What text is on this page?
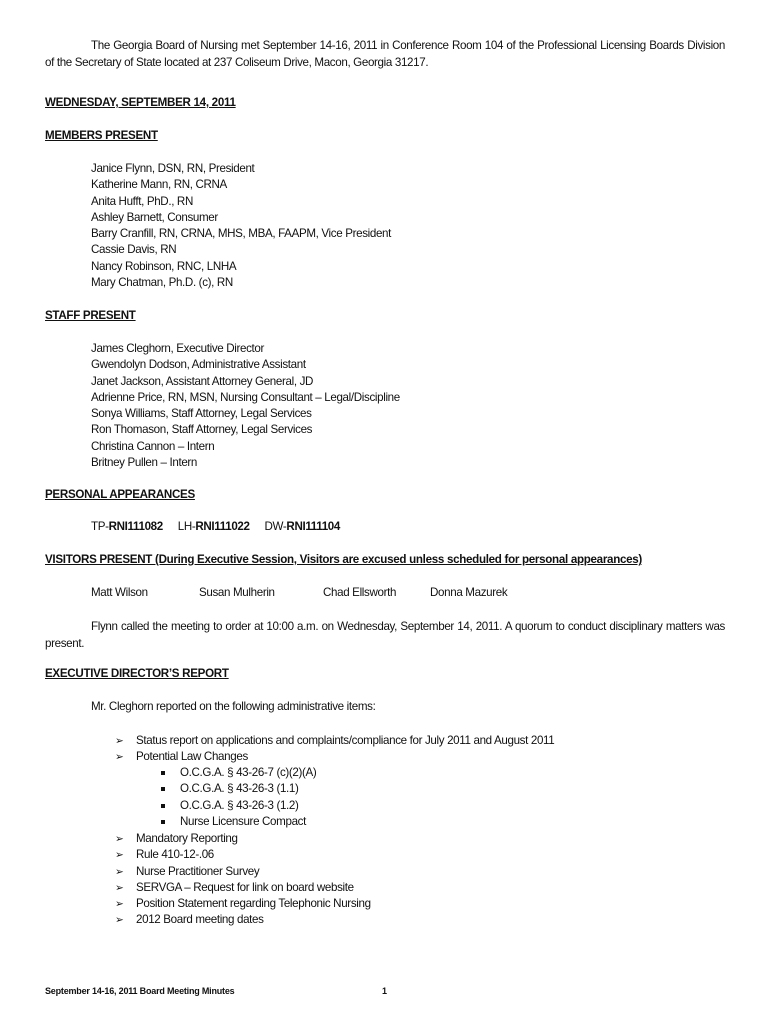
The Georgia Board of Nursing met September 14-16, 2011 in Conference Room 104 of the Professional Licensing Boards Division of the Secretary of State located at 237 Coliseum Drive, Macon, Georgia 31217.

WEDNESDAY, SEPTEMBER 14, 2011
MEMBERS PRESENT
Janice Flynn, DSN, RN, President
Katherine Mann, RN, CRNA
Anita Hufft, PhD., RN
Ashley Barnett, Consumer
Barry Cranfill, RN, CRNA, MHS, MBA, FAAPM, Vice President
Cassie Davis, RN
Nancy Robinson, RNC, LNHA
Mary Chatman, Ph.D. (c), RN
STAFF PRESENT
James Cleghorn, Executive Director
Gwendolyn Dodson, Administrative Assistant
Janet Jackson, Assistant Attorney General, JD
Adrienne Price, RN, MSN, Nursing Consultant – Legal/Discipline
Sonya Williams, Staff Attorney, Legal Services
Ron Thomason, Staff Attorney, Legal Services
Christina Cannon – Intern
Britney Pullen – Intern
PERSONAL APPEARANCES
TP-RNI111082 LH-RNI111022 DW-RNI111104
VISITORS PRESENT (During Executive Session, Visitors are excused unless scheduled for personal appearances)
Matt Wilson	Susan Mulherin	Chad Ellsworth	Donna Mazurek

Flynn called the meeting to order at 10:00 a.m. on Wednesday, September 14, 2011. A quorum to conduct disciplinary matters was present.

EXECUTIVE DIRECTOR’S REPORT
Mr. Cleghorn reported on the following administrative items:
➢ Status report on applications and complaints/compliance for July 2011 and August 2011
➢ Potential Law Changes
O.C.G.A. § 43-26-7 (c)(2)(A)
O.C.G.A. § 43-26-3 (1.1)
O.C.G.A. § 43-26-3 (1.2)
Nurse Licensure Compact
➢ Mandatory Reporting
➢ Rule 410-12-.06
➢ Nurse Practitioner Survey
➢ SERVGA – Request for link on board website
➢ Position Statement regarding Telephonic Nursing
➢ 2012 Board meeting dates
September 14-16, 2011 Board Meeting Minutes	1
